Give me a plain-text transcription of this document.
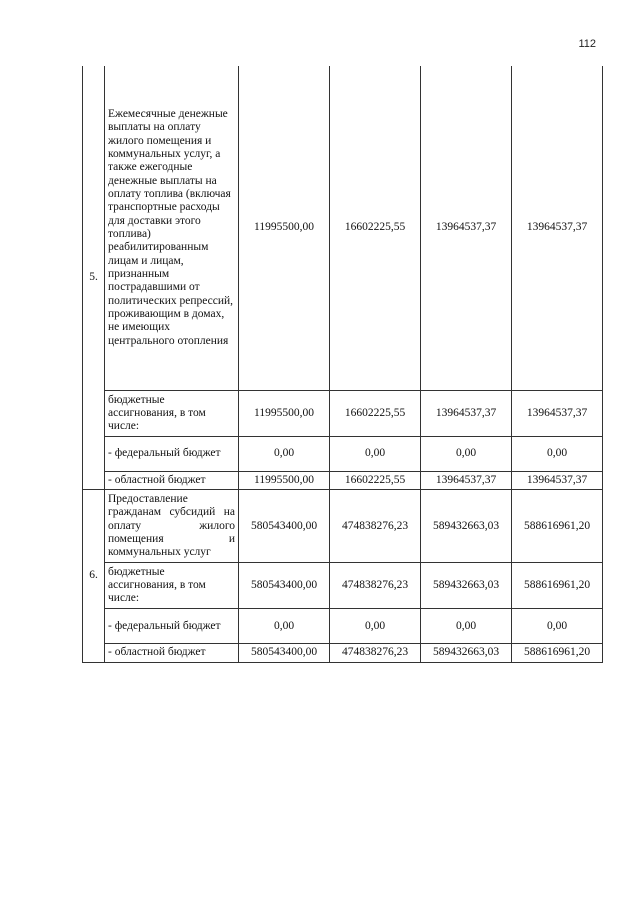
112
5.	Ежемесячные денежные выплаты на оплату жилого помещения и коммунальных услуг, а также ежегодные денежные выплаты на оплату топлива (включая транспортные расходы для доставки этого топлива) реабилитированным лицам и лицам, признанным пострадавшими от политических репрессий, проживающим в домах, не имеющих центрального отопления	11995500,00	16602225,55	13964537,37	13964537,37
	бюджетные ассигнования, в том числе:	11995500,00	16602225,55	13964537,37	13964537,37
	- федеральный бюджет	0,00	0,00	0,00	0,00
	- областной бюджет	11995500,00	16602225,55	13964537,37	13964537,37
6.	Предоставление гражданам субсидий на оплату жилого помещения и коммунальных услуг	580543400,00	474838276,23	589432663,03	588616961,20
	бюджетные ассигнования, в том числе:	580543400,00	474838276,23	589432663,03	588616961,20
	- федеральный бюджет	0,00	0,00	0,00	0,00
	- областной бюджет	580543400,00	474838276,23	589432663,03	588616961,20
